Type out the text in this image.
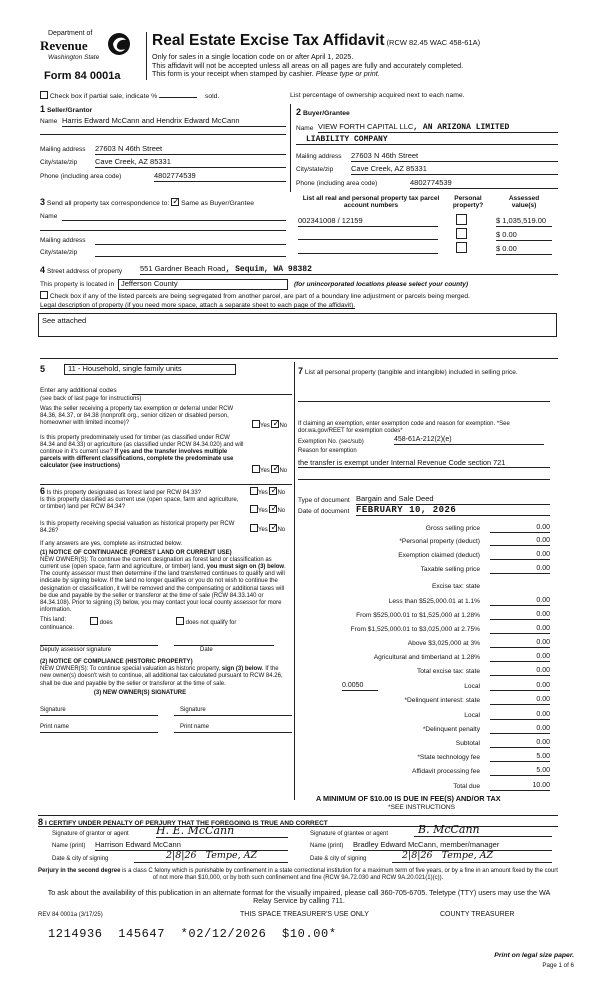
Department of
Revenue
Washington State
Form 84 0001a
Real Estate Excise Tax Affidavit (RCW 82.45 WAC 458-61A)
Only for sales in a single location code on or after April 1, 2025.
This affidavit will not be accepted unless all areas on all pages are fully and accurately completed.
This form is your receipt when stamped by cashier. Please type or print.
Check box if partial sale, indicate %	sold.	List percentage of ownership acquired next to each name.
1 Seller/Grantor
Name Harris Edward McCann and Hendrix Edward McCann
Mailing address 27603 N 46th Street
City/state/zip Cave Creek, AZ 85331
Phone (including area code)	4802774539
2 Buyer/Grantee
Name VIEW FORTH CAPITAL LLC, AN ARIZONA LIMITED
LIABILITY COMPANY
Mailing address 27603 N 46th Street
City/state/zip Cave Creek, AZ 85331
Phone (including area code)	4802774539
3 Send all property tax correspondence to: ✓ Same as Buyer/Grantee
Name
Mailing address
City/state/zip
List all real and personal property tax parcel account numbers
Personal property?
Assessed value(s)
002341008 / 12159	$ 1,035,519.00
$ 0.00
$ 0.00
4 Street address of property 551 Gardner Beach Road, Sequim, WA 98382
This property is located in Jefferson County	(for unincorporated locations please select your county)
Check box if any of the listed parcels are being segregated from another parcel, are part of a boundary line adjustment or parcels being merged.
Legal description of property (if you need more space, attach a separate sheet to each page of the affidavit).
See attached
5	11 - Household, single family units
Enter any additional codes
(see back of last page for instructions)
Was the seller receiving a property tax exemption or deferral under RCW 84.36, 84.37, or 84.38 (nonprofit org., senior citizen or disabled person, homeowner with limited income)?
Yes ✓ No
Is this property predominately used for timber (as classified under RCW 84.34 and 84.33) or agriculture (as classified under RCW 84.34.020) and will continue in it's current use? If yes and the transfer involves multiple parcels with different classifications, complete the predominate use calculator (see instructions)
Yes ✓ No
6 Is this property designated as forest land per RCW 84.33?	Yes ✓ No
Is this property classified as current use (open space, farm and agriculture, or timber) land per RCW 84.34?
Yes ✓ No
Is this property receiving special valuation as historical property per RCW 84.26?	Yes ✓ No
If any answers are yes, complete as instructed below.
(1) NOTICE OF CONTINUANCE (FOREST LAND OR CURRENT USE)
NEW OWNER(S): To continue the current designation as forest land or classification as current use (open space, farm and agriculture, or timber) land, you must sign on (3) below. The county assessor must then determine if the land transferred continues to qualify and will indicate by signing below. If the land no longer qualifies or you do not wish to continue the designation or classification, it will be removed and the compensating or additional taxes will be due and payable by the seller or transferor at the time of sale (RCW 84.33.140 or 84.34.108). Prior to signing (3) below, you may contact your local county assessor for more information.
This land:	does	does not qualify for
continuance.
Deputy assessor signature	Date
(2) NOTICE OF COMPLIANCE (HISTORIC PROPERTY)
NEW OWNER(S): To continue special valuation as historic property, sign (3) below. If the new owner(s) doesn't wish to continue, all additional tax calculated pursuant to RCW 84.26, shall be due and payable by the seller or transferor at the time of sale.
(3) NEW OWNER(S) SIGNATURE
Signature	Signature
Print name	Print name
7 List all personal property (tangible and intangible) included in selling price.
If claiming an exemption, enter exemption code and reason for exemption. *See dor.wa.gov/REET for exemption codes*
Exemption No. (sec/sub)	458-61A-212(2)(e)
Reason for exemption
the transfer is exempt under Internal Revenue Code section 721
Type of document Bargain and Sale Deed
Date of document FEBRUARY 10, 2026
Gross selling price	0.00
*Personal property (deduct)	0.00
Exemption claimed (deduct)	0.00
Taxable selling price	0.00
Excise tax: state
Less than $525,000.01 at 1.1%	0.00
From $525,000.01 to $1,525,000 at 1.28%	0.00
From $1,525,000.01 to $3,025,000 at 2.75%	0.00
Above $3,025,000 at 3%	0.00
Agricultural and timberland at 1.28%	0.00
Total excise tax: state	0.00
0.0050	Local	0.00
*Delinquent interest: state	0.00
Local	0.00
*Delinquent penalty	0.00
Subtotal	0.00
*State technology fee	5.00
Affidavit processing fee	5.00
Total due	10.00
A MINIMUM OF $10.00 IS DUE IN FEE(S) AND/OR TAX
*SEE INSTRUCTIONS
8 I CERTIFY UNDER PENALTY OF PERJURY THAT THE FOREGOING IS TRUE AND CORRECT
Signature of grantor or agent H. E. McCann
Name (print) Harrison Edward McCann
Date & city of signing	2|8|26   Tempe, AZ
Signature of grantee or agent	B. McCann
Name (print) Bradley Edward McCann, member/manager
Date & city of signing	2|8|26   Tempe, AZ
Perjury in the second degree is a class C felony which is punishable by confinement in a state correctional institution for a maximum term of five years, or by a fine in an amount fixed by the court of not more than $10,000, or by both such confinement and fine (RCW 9A.72.030 and RCW 9A.20.021(1)(c)).
To ask about the availability of this publication in an alternate format for the visually impaired, please call 360-705-6705. Teletype (TTY) users may use the WA Relay Service by calling 711.
REV 84 0001a (3/17/25)	THIS SPACE TREASURER'S USE ONLY	COUNTY TREASURER
1214936  145647  *02/12/2026  $10.00*
Print on legal size paper.
Page 1 of 6
